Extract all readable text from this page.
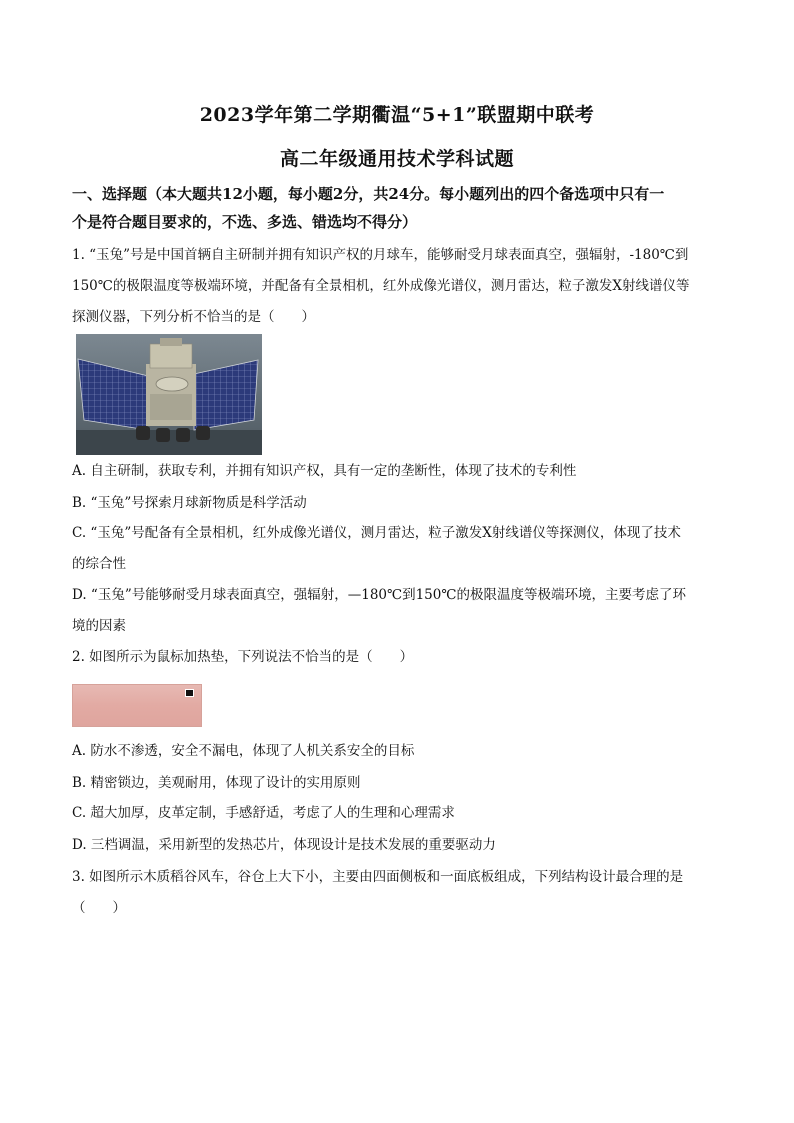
2023学年第二学期衢温“5+1”联盟期中联考
高二年级通用技术学科试题
一、选择题（本大题共12小题，每小题2分，共24分。每小题列出的四个备选项中只有一
个是符合题目要求的，不选、多选、错选均不得分）
1. “玉兔”号是中国首辆自主研制并拥有知识产权的月球车，能够耐受月球表面真空，强辐射，-180℃到
150℃的极限温度等极端环境，并配备有全景相机，红外成像光谱仪，测月雷达，粒子激发X射线谱仪等
探测仪器，下列分析不恰当的是（　　）
A. 自主研制，获取专利，并拥有知识产权，具有一定的垄断性，体现了技术的专利性
B. “玉兔”号探索月球新物质是科学活动
C. “玉兔”号配备有全景相机，红外成像光谱仪，测月雷达，粒子激发X射线谱仪等探测仪，体现了技术
的综合性
D. “玉兔”号能够耐受月球表面真空，强辐射，—180℃到150℃的极限温度等极端环境，主要考虑了环
境的因素
2. 如图所示为鼠标加热垫，下列说法不恰当的是（　　）
A. 防水不渗透，安全不漏电，体现了人机关系安全的目标
B. 精密锁边，美观耐用，体现了设计的实用原则
C. 超大加厚，皮革定制，手感舒适，考虑了人的生理和心理需求
D. 三档调温，采用新型的发热芯片，体现设计是技术发展的重要驱动力
3. 如图所示木质稻谷风车，谷仓上大下小，主要由四面侧板和一面底板组成，下列结构设计最合理的是
（　　）
